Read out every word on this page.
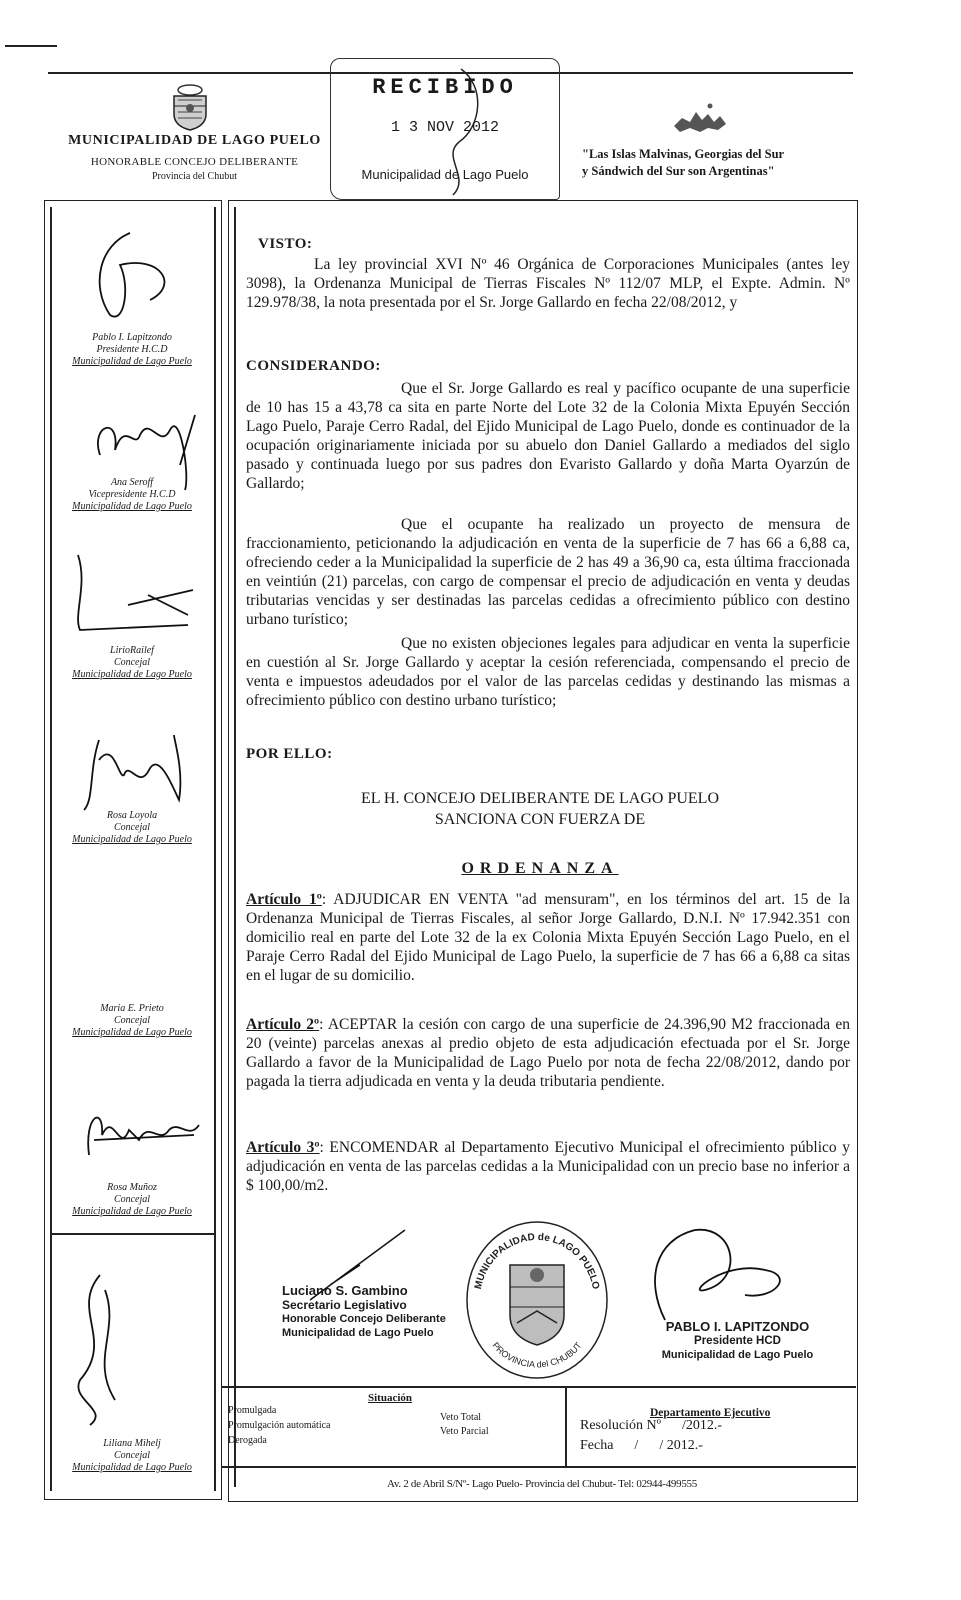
MUNICIPALIDAD DE LAGO PUELO
HONORABLE CONCEJO DELIBERANTE
Provincia del Chubut
RECIBIDO
1 3 NOV 2012
Municipalidad de Lago Puelo
"Las Islas Malvinas, Georgias del Sur
y Sándwich del Sur son Argentinas"
Pablo I. Lapitzondo
Presidente H.C.D
Municipalidad de Lago Puelo
Ana Seroff
Vicepresidente H.C.D
Municipalidad de Lago Puelo
LirioRailef
Concejal
Municipalidad de Lago Puelo
Rosa Loyola
Concejal
Municipalidad de Lago Puelo
Maria E. Prieto
Concejal
Municipalidad de Lago Puelo
Rosa Muñoz
Concejal
Municipalidad de Lago Puelo
Liliana Mihelj
Concejal
Municipalidad de Lago Puelo
VISTO:
La ley provincial XVI Nº 46 Orgánica de Corporaciones Municipales (antes ley 3098), la Ordenanza Municipal de Tierras Fiscales Nº 112/07 MLP, el Expte. Admin. Nº 129.978/38, la nota presentada por el Sr. Jorge Gallardo en fecha 22/08/2012, y
CONSIDERANDO:
Que el Sr. Jorge Gallardo es real y pacífico ocupante de una superficie de 10 has 15 a 43,78 ca sita en parte Norte del Lote 32 de la Colonia Mixta Epuyén Sección Lago Puelo, Paraje Cerro Radal, del Ejido Municipal de Lago Puelo, donde es continuador de la ocupación originariamente iniciada por su abuelo don Daniel Gallardo a mediados del siglo pasado y continuada luego por sus padres don Evaristo Gallardo y doña Marta Oyarzún de Gallardo;
Que el ocupante ha realizado un proyecto de mensura de fraccionamiento, peticionando la adjudicación en venta de la superficie de 7 has 66 a 6,88 ca, ofreciendo ceder a la Municipalidad la superficie de 2 has 49 a 36,90 ca, esta última fraccionada en veintiún (21) parcelas, con cargo de compensar el precio de adjudicación en venta y deudas tributarias vencidas y ser destinadas las parcelas cedidas a ofrecimiento público con destino urbano turístico;
Que no existen objeciones legales para adjudicar en venta la superficie en cuestión al Sr. Jorge Gallardo y aceptar la cesión referenciada, compensando el precio de venta e impuestos adeudados por el valor de las parcelas cedidas y destinando las mismas a ofrecimiento público con destino urbano turístico;
POR ELLO:
EL H. CONCEJO DELIBERANTE DE LAGO PUELO
SANCIONA CON FUERZA DE
ORDENANZA
Artículo 1º: ADJUDICAR EN VENTA "ad mensuram", en los términos del art. 15 de la Ordenanza Municipal de Tierras Fiscales, al señor Jorge Gallardo, D.N.I. Nº 17.942.351 con domicilio real en parte del Lote 32 de la ex Colonia Mixta Epuyén Sección Lago Puelo, en el Paraje Cerro Radal del Ejido Municipal de Lago Puelo, la superficie de 7 has 66 a 6,88 ca sitas en el lugar de su domicilio.
Artículo 2º: ACEPTAR la cesión con cargo de una superficie de 24.396,90 M2 fraccionada en 20 (veinte) parcelas anexas al predio objeto de esta adjudicación efectuada por el Sr. Jorge Gallardo a favor de la Municipalidad de Lago Puelo por nota de fecha 22/08/2012, dando por pagada la tierra adjudicada en venta y la deuda tributaria pendiente.
Artículo 3º: ENCOMENDAR al Departamento Ejecutivo Municipal el ofrecimiento público y adjudicación en venta de las parcelas cedidas a la Municipalidad con un precio base no inferior a $ 100,00/m2.
Luciano S. Gambino
Secretario Legislativo
Honorable Concejo Deliberante
Municipalidad de Lago Puelo
MUNICIPALIDAD de LAGO PUELO
PROVINCIA del CHUBUT
PABLO I. LAPITZONDO
Presidente HCD
Municipalidad de Lago Puelo
Situación
Promulgada
Promulgación automática
Derogada
Veto Total
Veto Parcial
Departamento Ejecutivo
Resolución Nº      /2012.-
Fecha      /      / 2012.-
Av. 2 de Abril S/Nº- Lago Puelo- Provincia del Chubut- Tel: 02944-499555
